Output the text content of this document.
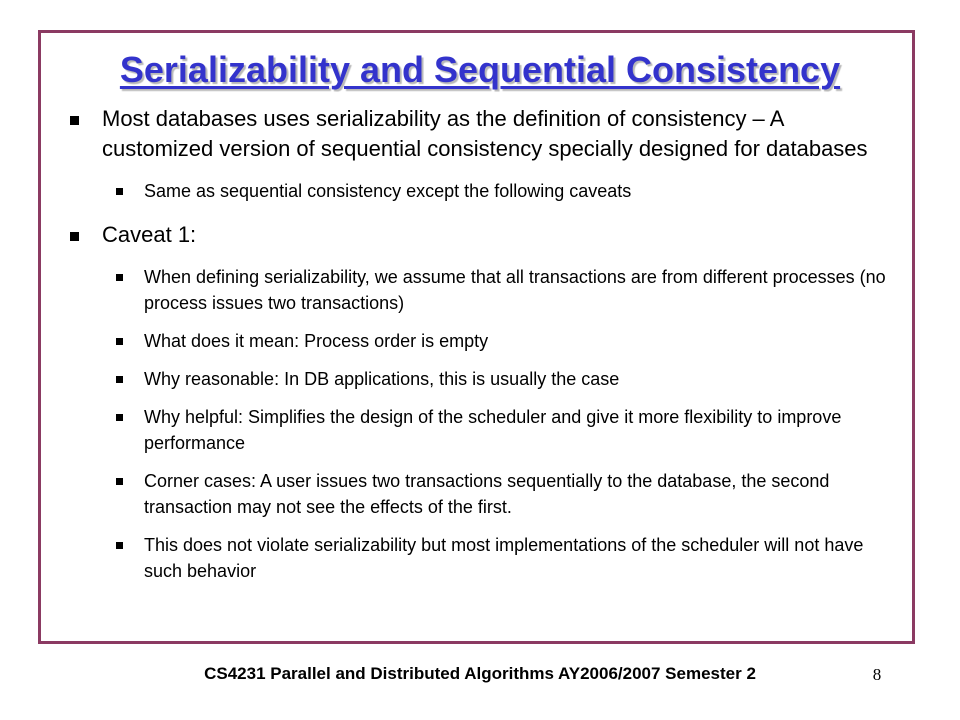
Serializability and Sequential Consistency
Most databases uses serializability as the definition of consistency – A customized version of sequential consistency specially designed for databases
Same as sequential consistency except the following caveats
Caveat 1:
When defining serializability, we assume that all transactions are from different processes (no process issues two transactions)
What does it mean: Process order is empty
Why reasonable: In DB applications, this is usually the case
Why helpful: Simplifies the design of the scheduler and give it more flexibility to improve performance
Corner cases: A user issues two transactions sequentially to the database, the second transaction may not see the effects of the first.
This does not violate serializability but most implementations of the scheduler will not have such behavior
CS4231 Parallel and Distributed Algorithms AY2006/2007 Semester 2	8
